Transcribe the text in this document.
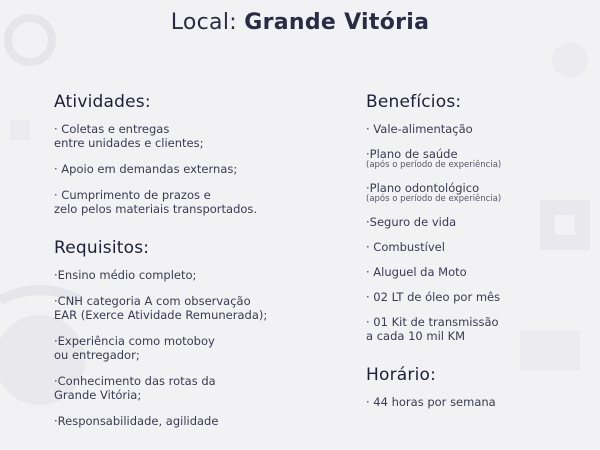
Local: Grande Vitória
Atividades:
· Coletas e entregas
entre unidades e clientes;
· Apoio em demandas externas;
· Cumprimento de prazos e
zelo pelos materiais transportados.
Requisitos:
·Ensino médio completo;
·CNH categoria A com observação
EAR (Exerce Atividade Remunerada);
·Experiência como motoboy
ou entregador;
·Conhecimento das rotas da
Grande Vitória;
·Responsabilidade, agilidade
Benefícios:
· Vale-alimentação
·Plano de saúde
(após o período de experiência)
·Plano odontológico
(após o período de experiência)
·Seguro de vida
· Combustível
· Aluguel da Moto
· 02 LT de óleo por mês
· 01 Kit de transmissão
a cada 10 mil KM
Horário:
· 44 horas por semana
